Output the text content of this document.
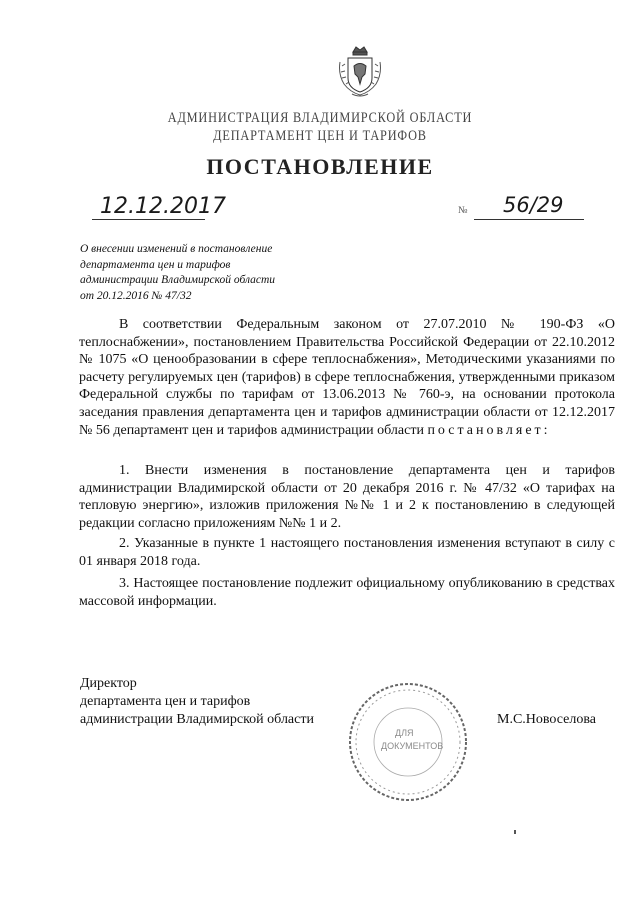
АДМИНИСТРАЦИЯ ВЛАДИМИРСКОЙ ОБЛАСТИ
ДЕПАРТАМЕНТ ЦЕН И ТАРИФОВ
ПОСТАНОВЛЕНИЕ
12.12.2017	№ 56/29
О внесении изменений в постановление
департамента цен и тарифов
администрации Владимирской области
от 20.12.2016 № 47/32

В соответствии Федеральным законом от 27.07.2010 № 190-ФЗ «О теплоснабжении», постановлением Правительства Российской Федерации от 22.10.2012 № 1075 «О ценообразовании в сфере теплоснабжения», Методическими указаниями по расчету регулируемых цен (тарифов) в сфере теплоснабжения, утвержденными приказом Федеральной службы по тарифам от 13.06.2013 № 760-э, на основании протокола заседания правления департамента цен и тарифов администрации области от 12.12.2017 № 56 департамент цен и тарифов администрации области постановляет:

1. Внести изменения в постановление департамента цен и тарифов администрации Владимирской области от 20 декабря 2016 г. № 47/32 «О тарифах на тепловую энергию», изложив приложения №№ 1 и 2 к постановлению в следующей редакции согласно приложениям №№ 1 и 2.

2. Указанные в пункте 1 настоящего постановления изменения вступают в силу с 01 января 2018 года.

3. Настоящее постановление подлежит официальному опубликованию в средствах массовой информации.

Директор
департамента цен и тарифов
администрации Владимирской области	М.С.Новоселова
ДЛЯ
ДОКУМЕНТОВ
